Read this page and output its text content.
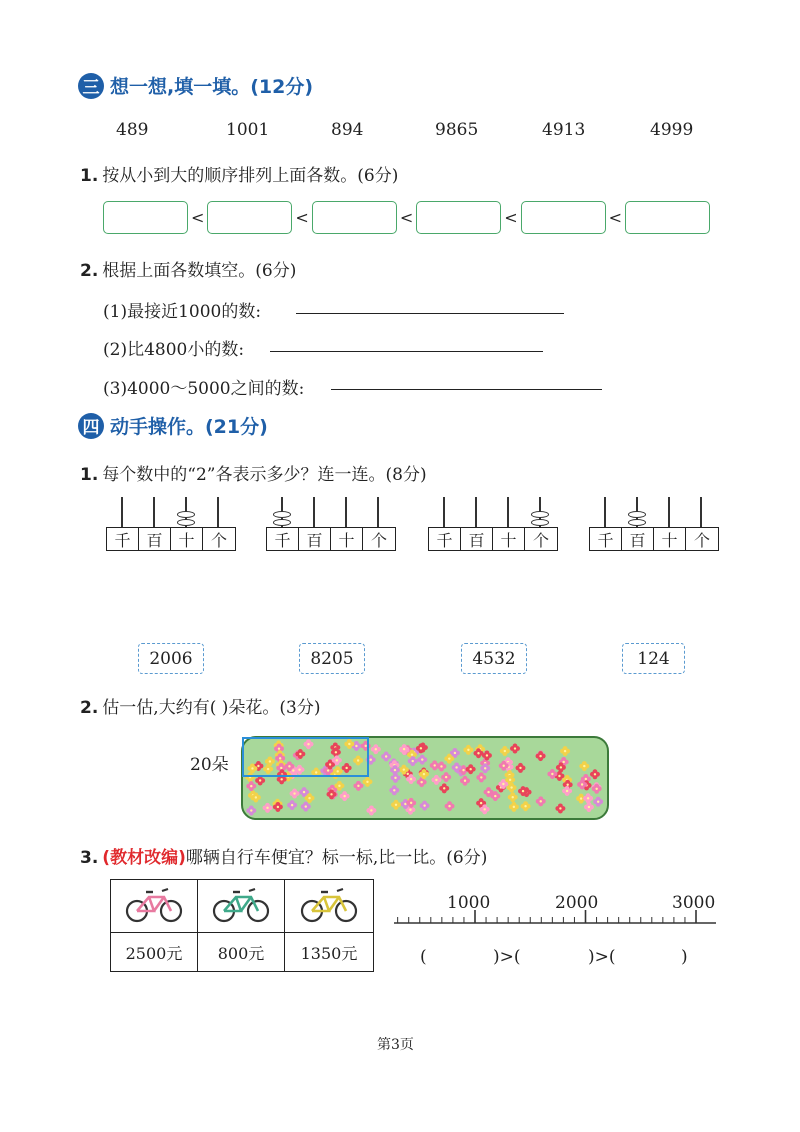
三 想一想,填一填。(12分)
489	1001	894	9865	4913	4999
1. 按从小到大的顺序排列上面各数。(6分)
<	<	<	<	<
2. 根据上面各数填空。(6分)
(1)最接近1000的数:
(2)比4800小的数:
(3)4000～5000之间的数:
四 动手操作。(21分)
1. 每个数中的“2”各表示多少？连一连。(8分)
千 百 十	个	千 百 十	个	千 百 十	个	千 百 十	个
2006	8205	4532	124
2. 估一估,大约有( )朵花。(3分)
20朵
3. (教材改编)哪辆自行车便宜？标一标,比一比。(6分)

2500元	800元	1350元
1000	2000	3000
(	)>(	)>(	)
第3页
